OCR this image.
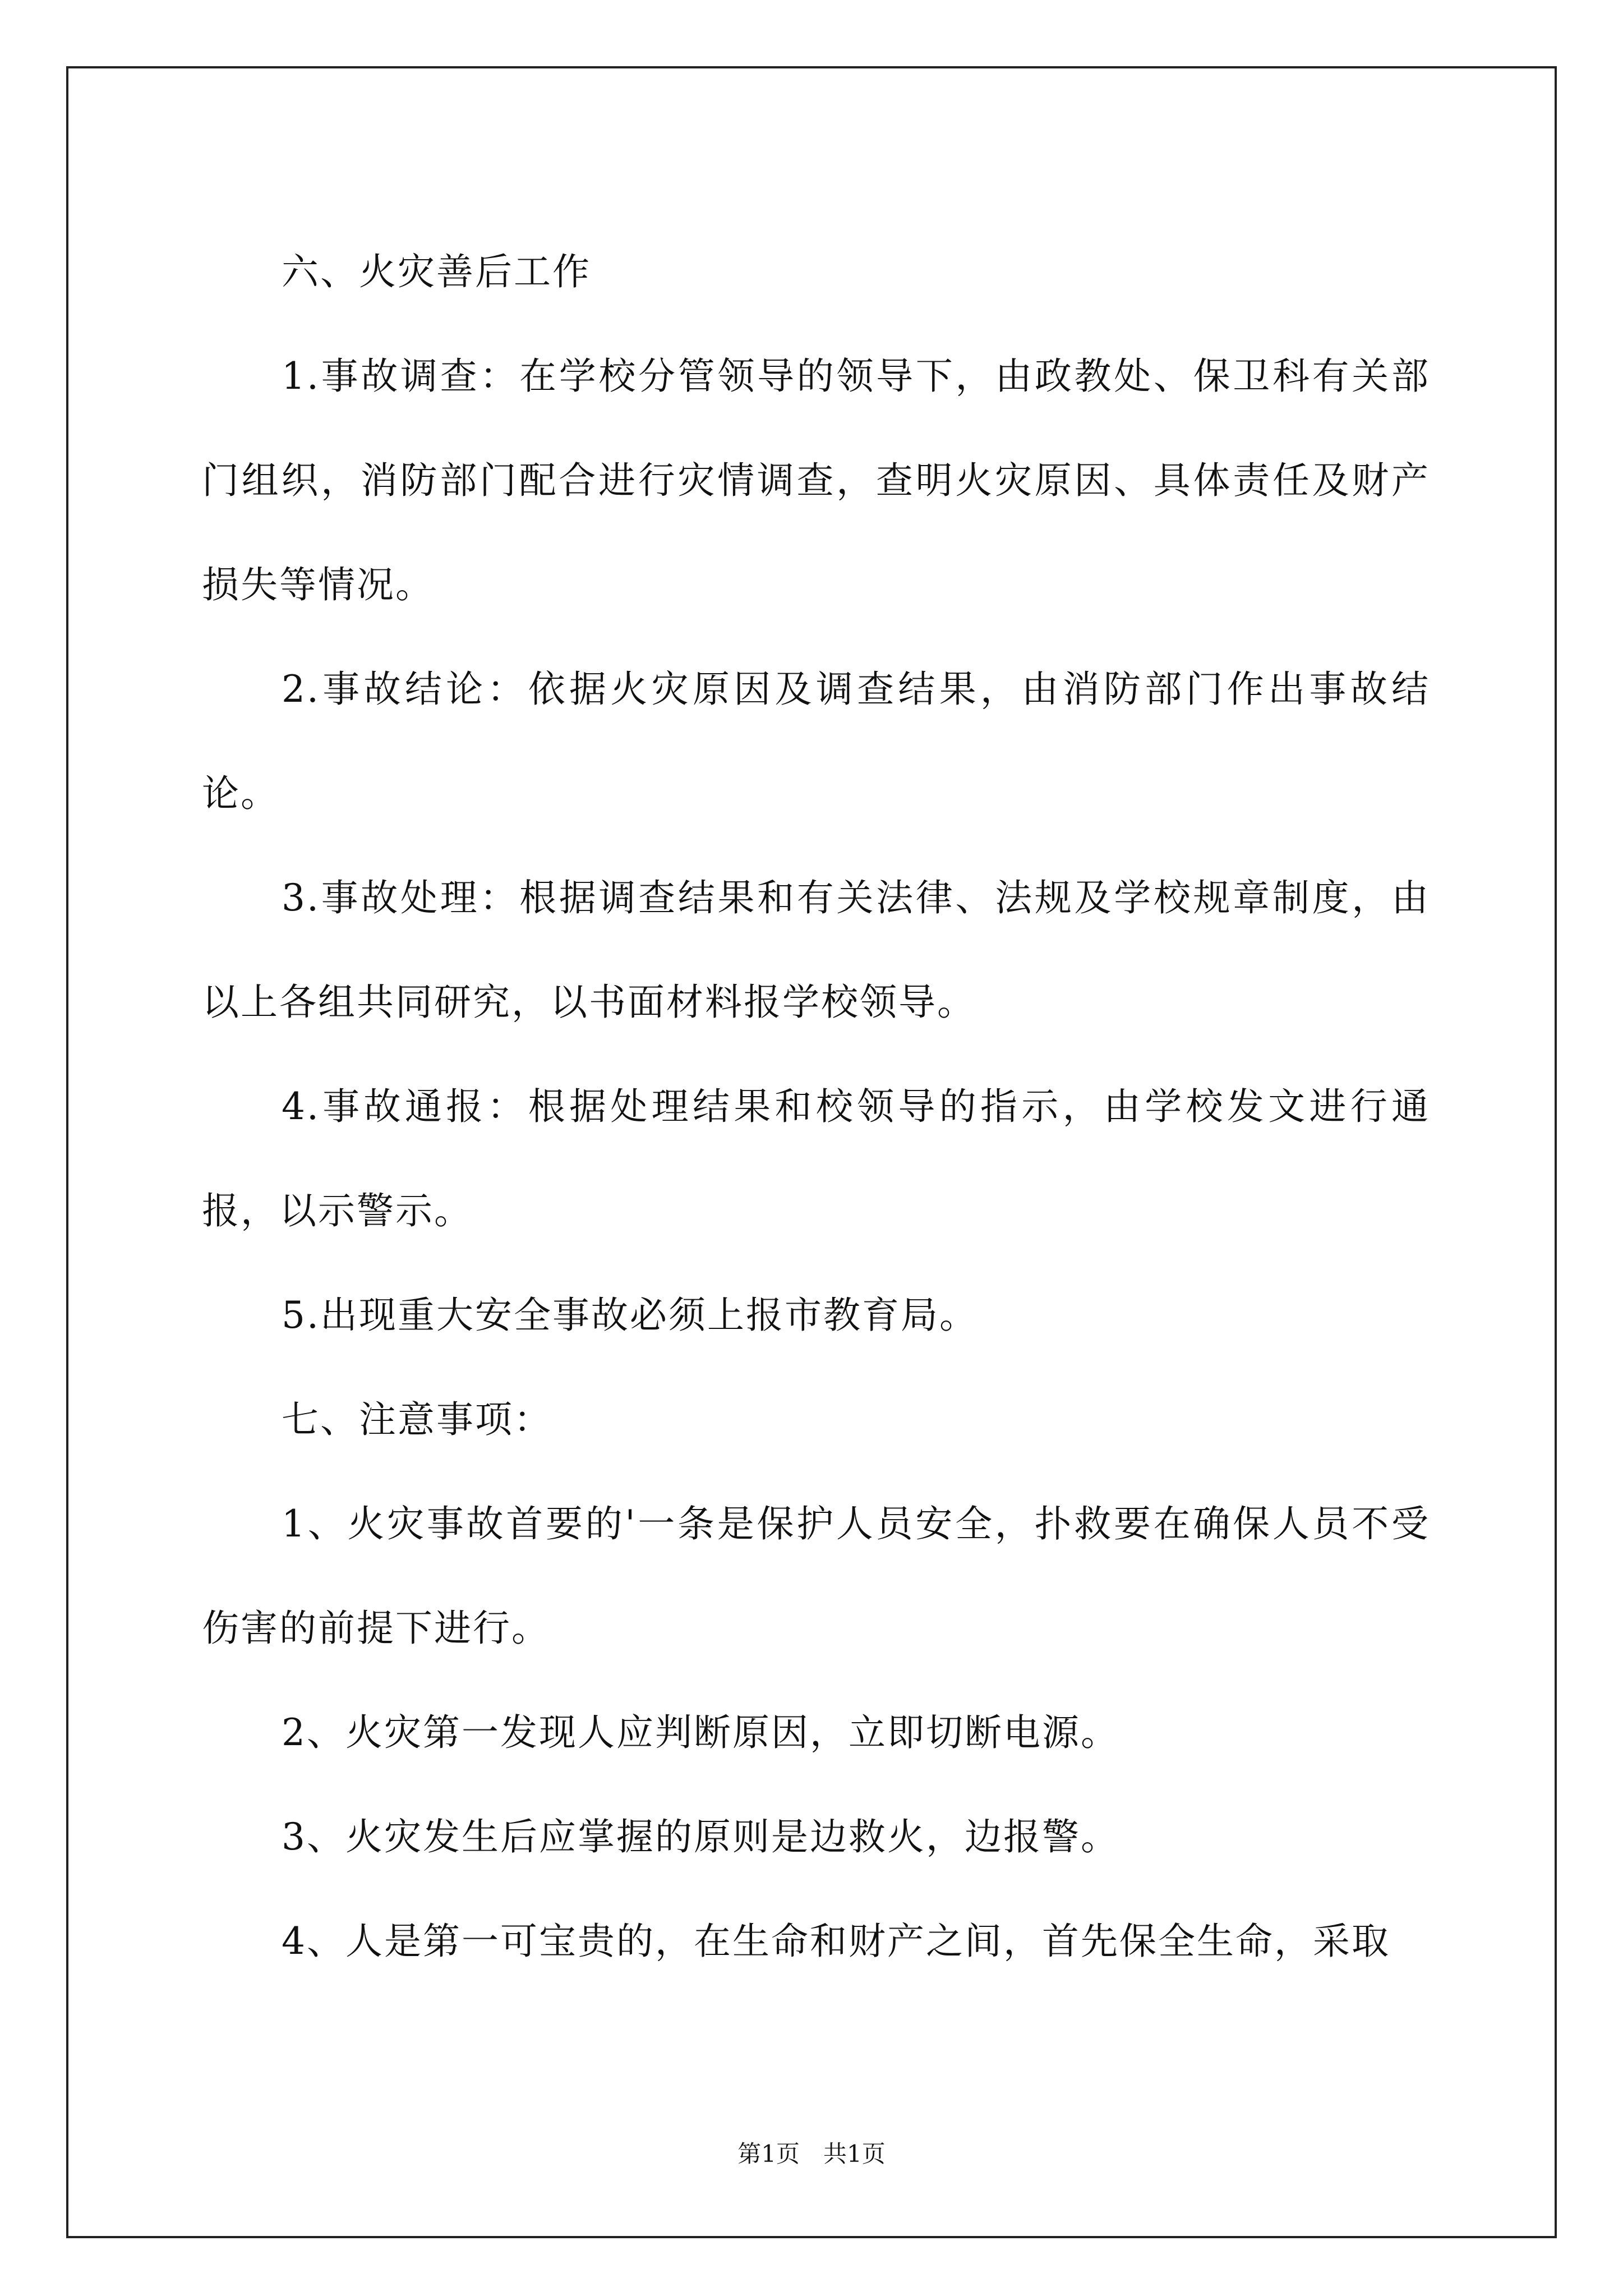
六、火灾善后工作

1.事故调查：在学校分管领导的领导下，由政教处、保卫科有关部门组织，消防部门配合进行灾情调查，查明火灾原因、具体责任及财产损失等情况。

2.事故结论：依据火灾原因及调查结果，由消防部门作出事故结论。

3.事故处理：根据调查结果和有关法律、法规及学校规章制度，由以上各组共同研究，以书面材料报学校领导。

4.事故通报：根据处理结果和校领导的指示，由学校发文进行通报，以示警示。

5.出现重大安全事故必须上报市教育局。

七、注意事项：

1、火灾事故首要的'一条是保护人员安全，扑救要在确保人员不受伤害的前提下进行。

2、火灾第一发现人应判断原因，立即切断电源。

3、火灾发生后应掌握的原则是边救火，边报警。

4、人是第一可宝贵的，在生命和财产之间，首先保全生命，采取

第1页　共1页
